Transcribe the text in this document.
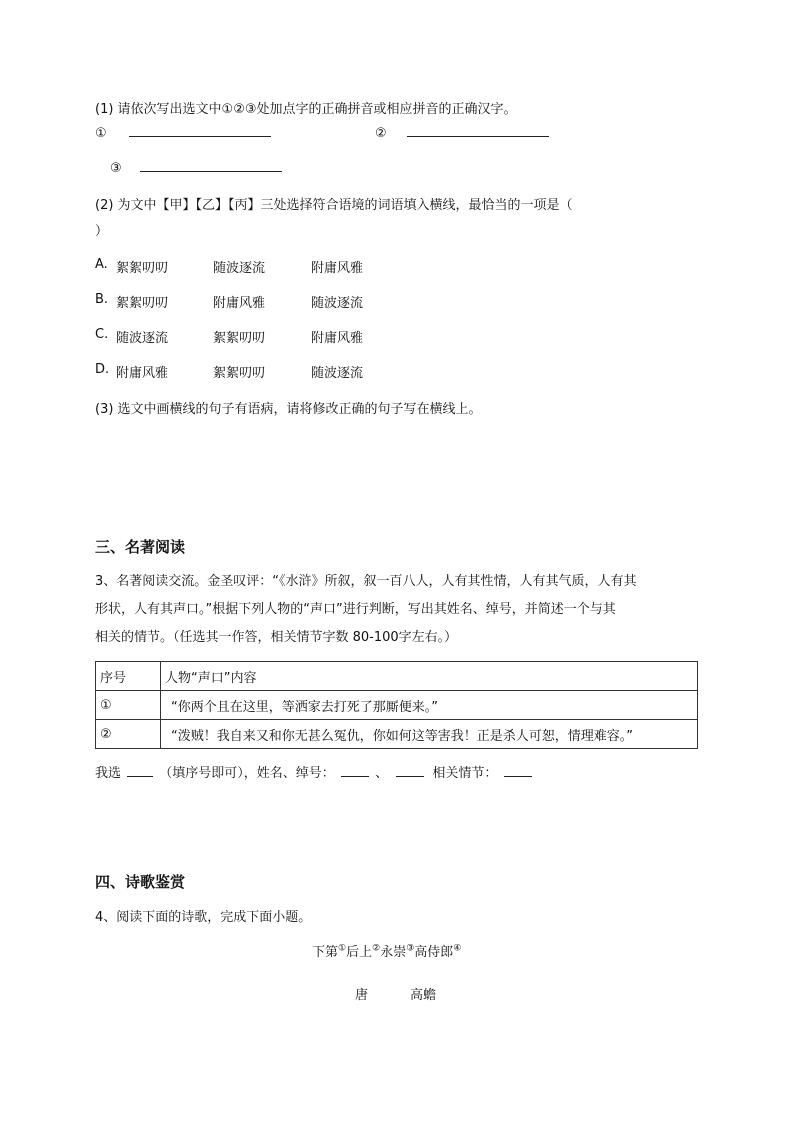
(1) 请依次写出选文中①②③处加点字的正确拼音或相应拼音的正确汉字。
①	②
③
(2) 为文中【甲】【乙】【丙】三处选择符合语境的词语填入横线，最恰当的一项是（
）
A. 絮絮叨叨	随波逐流	附庸风雅
B. 絮絮叨叨	附庸风雅	随波逐流
C. 随波逐流	絮絮叨叨	附庸风雅
D. 附庸风雅	絮絮叨叨	随波逐流
(3) 选文中画横线的句子有语病，请将修改正确的句子写在横线上。
三、名著阅读
3、名著阅读交流。金圣叹评：“《水浒》所叙，叙一百八人，人有其性情，人有其气质，人有其
形状，人有其声口。”根据下列人物的“声口”进行判断，写出其姓名、绰号，并简述一个与其
相关的情节。（任选其一作答，相关情节字数 80-100字左右。）
序号	人物“声口”内容
①	“你两个且在这里，等洒家去打死了那厮便来。”
②	“泼贼！我自来又和你无甚么冤仇，你如何这等害我！正是杀人可恕，情理难容。”
我选	（填序号即可），姓名、绰号：	、	相关情节：
四、诗歌鉴赏
4、阅读下面的诗歌，完成下面小题。
下第①后上②永崇③高侍郎④
唐	高蟾
